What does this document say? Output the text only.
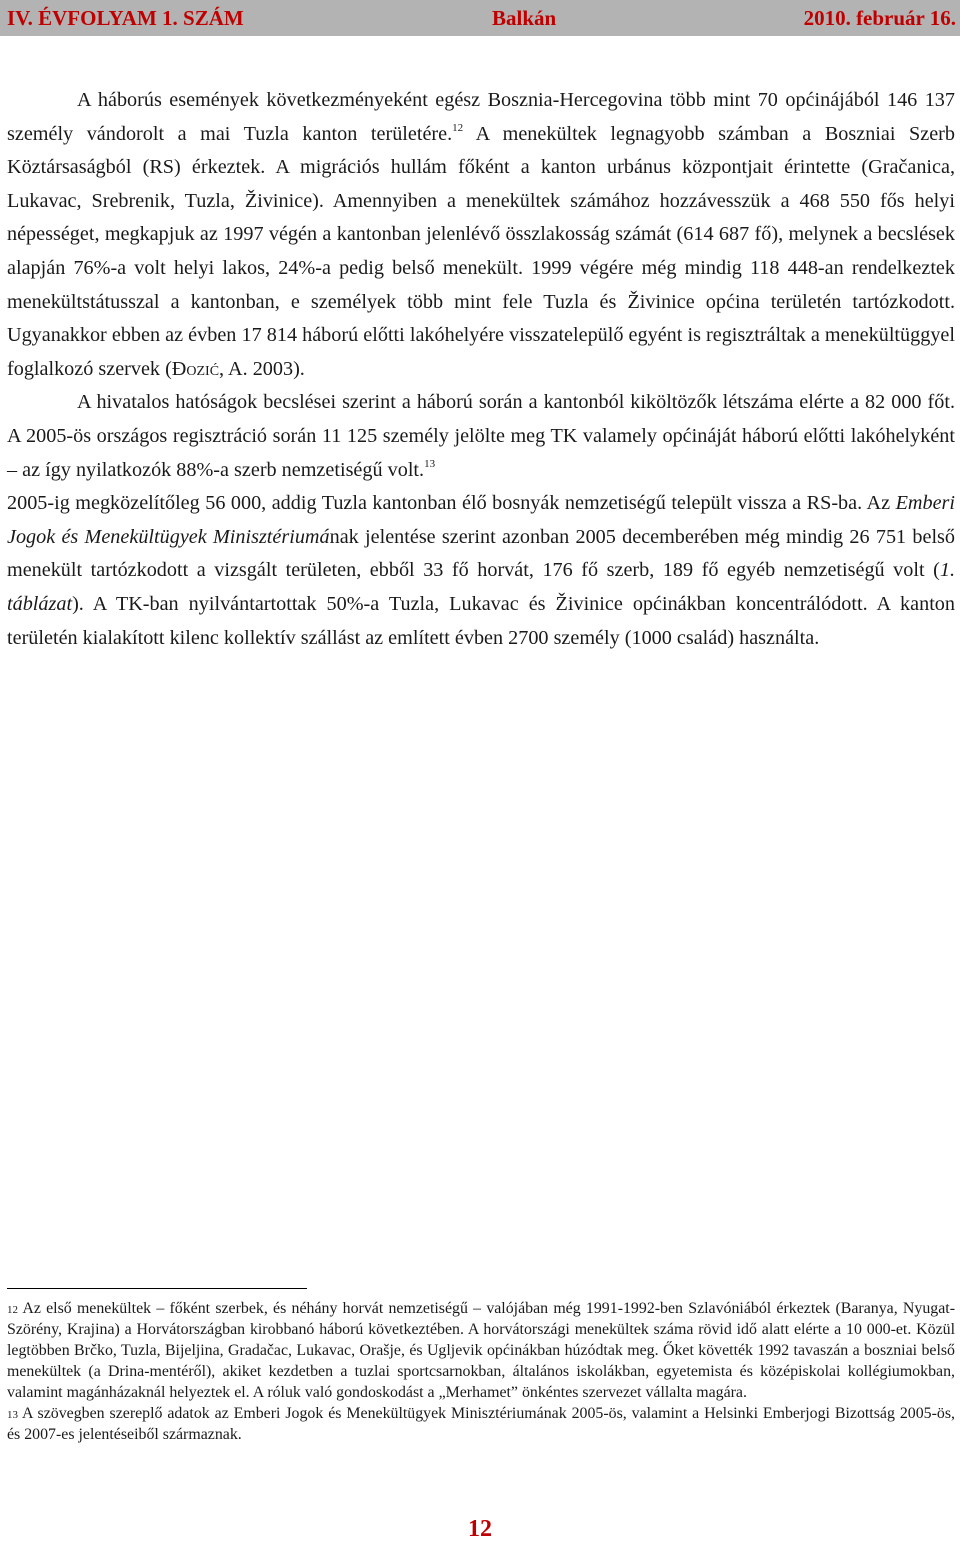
IV. ÉVFOLYAM 1. SZÁM	Balkán	2010. február 16.

A háborús események következményeként egész Bosznia-Hercegovina több mint 70 općinájából 146 137 személy vándorolt a mai Tuzla kanton területére.$^{12}$ A menekültek legnagyobb számban a Boszniai Szerb Köztársaságból (RS) érkeztek. A migrációs hullám főként a kanton urbánus központjait érintette (Gračanica, Lukavac, Srebrenik, Tuzla, Živinice). Amennyiben a menekültek számához hozzávesszük a 468 550 fős helyi népességet, megkapjuk az 1997 végén a kantonban jelenlévő összlakosság számát (614 687 fő), melynek a becslések alapján 76%-a volt helyi lakos, 24%-a pedig belső menekült. 1999 végére még mindig 118 448-an rendelkeztek menekültstátusszal a kantonban, e személyek több mint fele Tuzla és Živinice općina területén tartózkodott. Ugyanakkor ebben az évben 17 814 háború előtti lakóhelyére visszatelepülő egyént is regisztráltak a menekültüggyel foglalkozó szervek (Đozić, A. 2003).

A hivatalos hatóságok becslései szerint a háború során a kantonból kiköltözők létszáma elérte a 82 000 főt. A 2005-ös országos regisztráció során 11 125 személy jelölte meg TK valamely općináját háború előtti lakóhelyként – az így nyilatkozók 88%-a szerb nemzetiségű volt.$^{13}$

2005-ig megközelítőleg 56 000, addig Tuzla kantonban élő bosnyák nemzetiségű települt vissza a RS-ba. Az Emberi Jogok és Menekültügyek Minisztériumának jelentése szerint azonban 2005 decemberében még mindig 26 751 belső menekült tartózkodott a vizsgált területen, ebből 33 fő horvát, 176 fő szerb, 189 fő egyéb nemzetiségű volt (1. táblázat). A TK-ban nyilvántartottak 50%-a Tuzla, Lukavac és Živinice općinákban koncentrálódott. A kanton területén kialakított kilenc kollektív szállást az említett évben 2700 személy (1000 család) használta.

12 Az első menekültek – főként szerbek, és néhány horvát nemzetiségű – valójában még 1991-1992-ben Szlavóniából érkeztek (Baranya, Nyugat-Szörény, Krajina) a Horvátországban kirobbanó háború következtében. A horvátországi menekültek száma rövid idő alatt elérte a 10 000-et. Közül legtöbben Brčko, Tuzla, Bijeljina, Gradačac, Lukavac, Orašje, és Ugljevik općinákban húzódtak meg. Őket követték 1992 tavaszán a boszniai belső menekültek (a Drina-mentéről), akiket kezdetben a tuzlai sportcsarnokban, általános iskolákban, egyetemista és középiskolai kollégiumokban, valamint magánházaknál helyeztek el. A róluk való gondoskodást a „Merhamet” önkéntes szervezet vállalta magára.

13 A szövegben szereplő adatok az Emberi Jogok és Menekültügyek Minisztériumának 2005-ös, valamint a Helsinki Emberjogi Bizottság 2005-ös, és 2007-es jelentéseiből származnak.

12
